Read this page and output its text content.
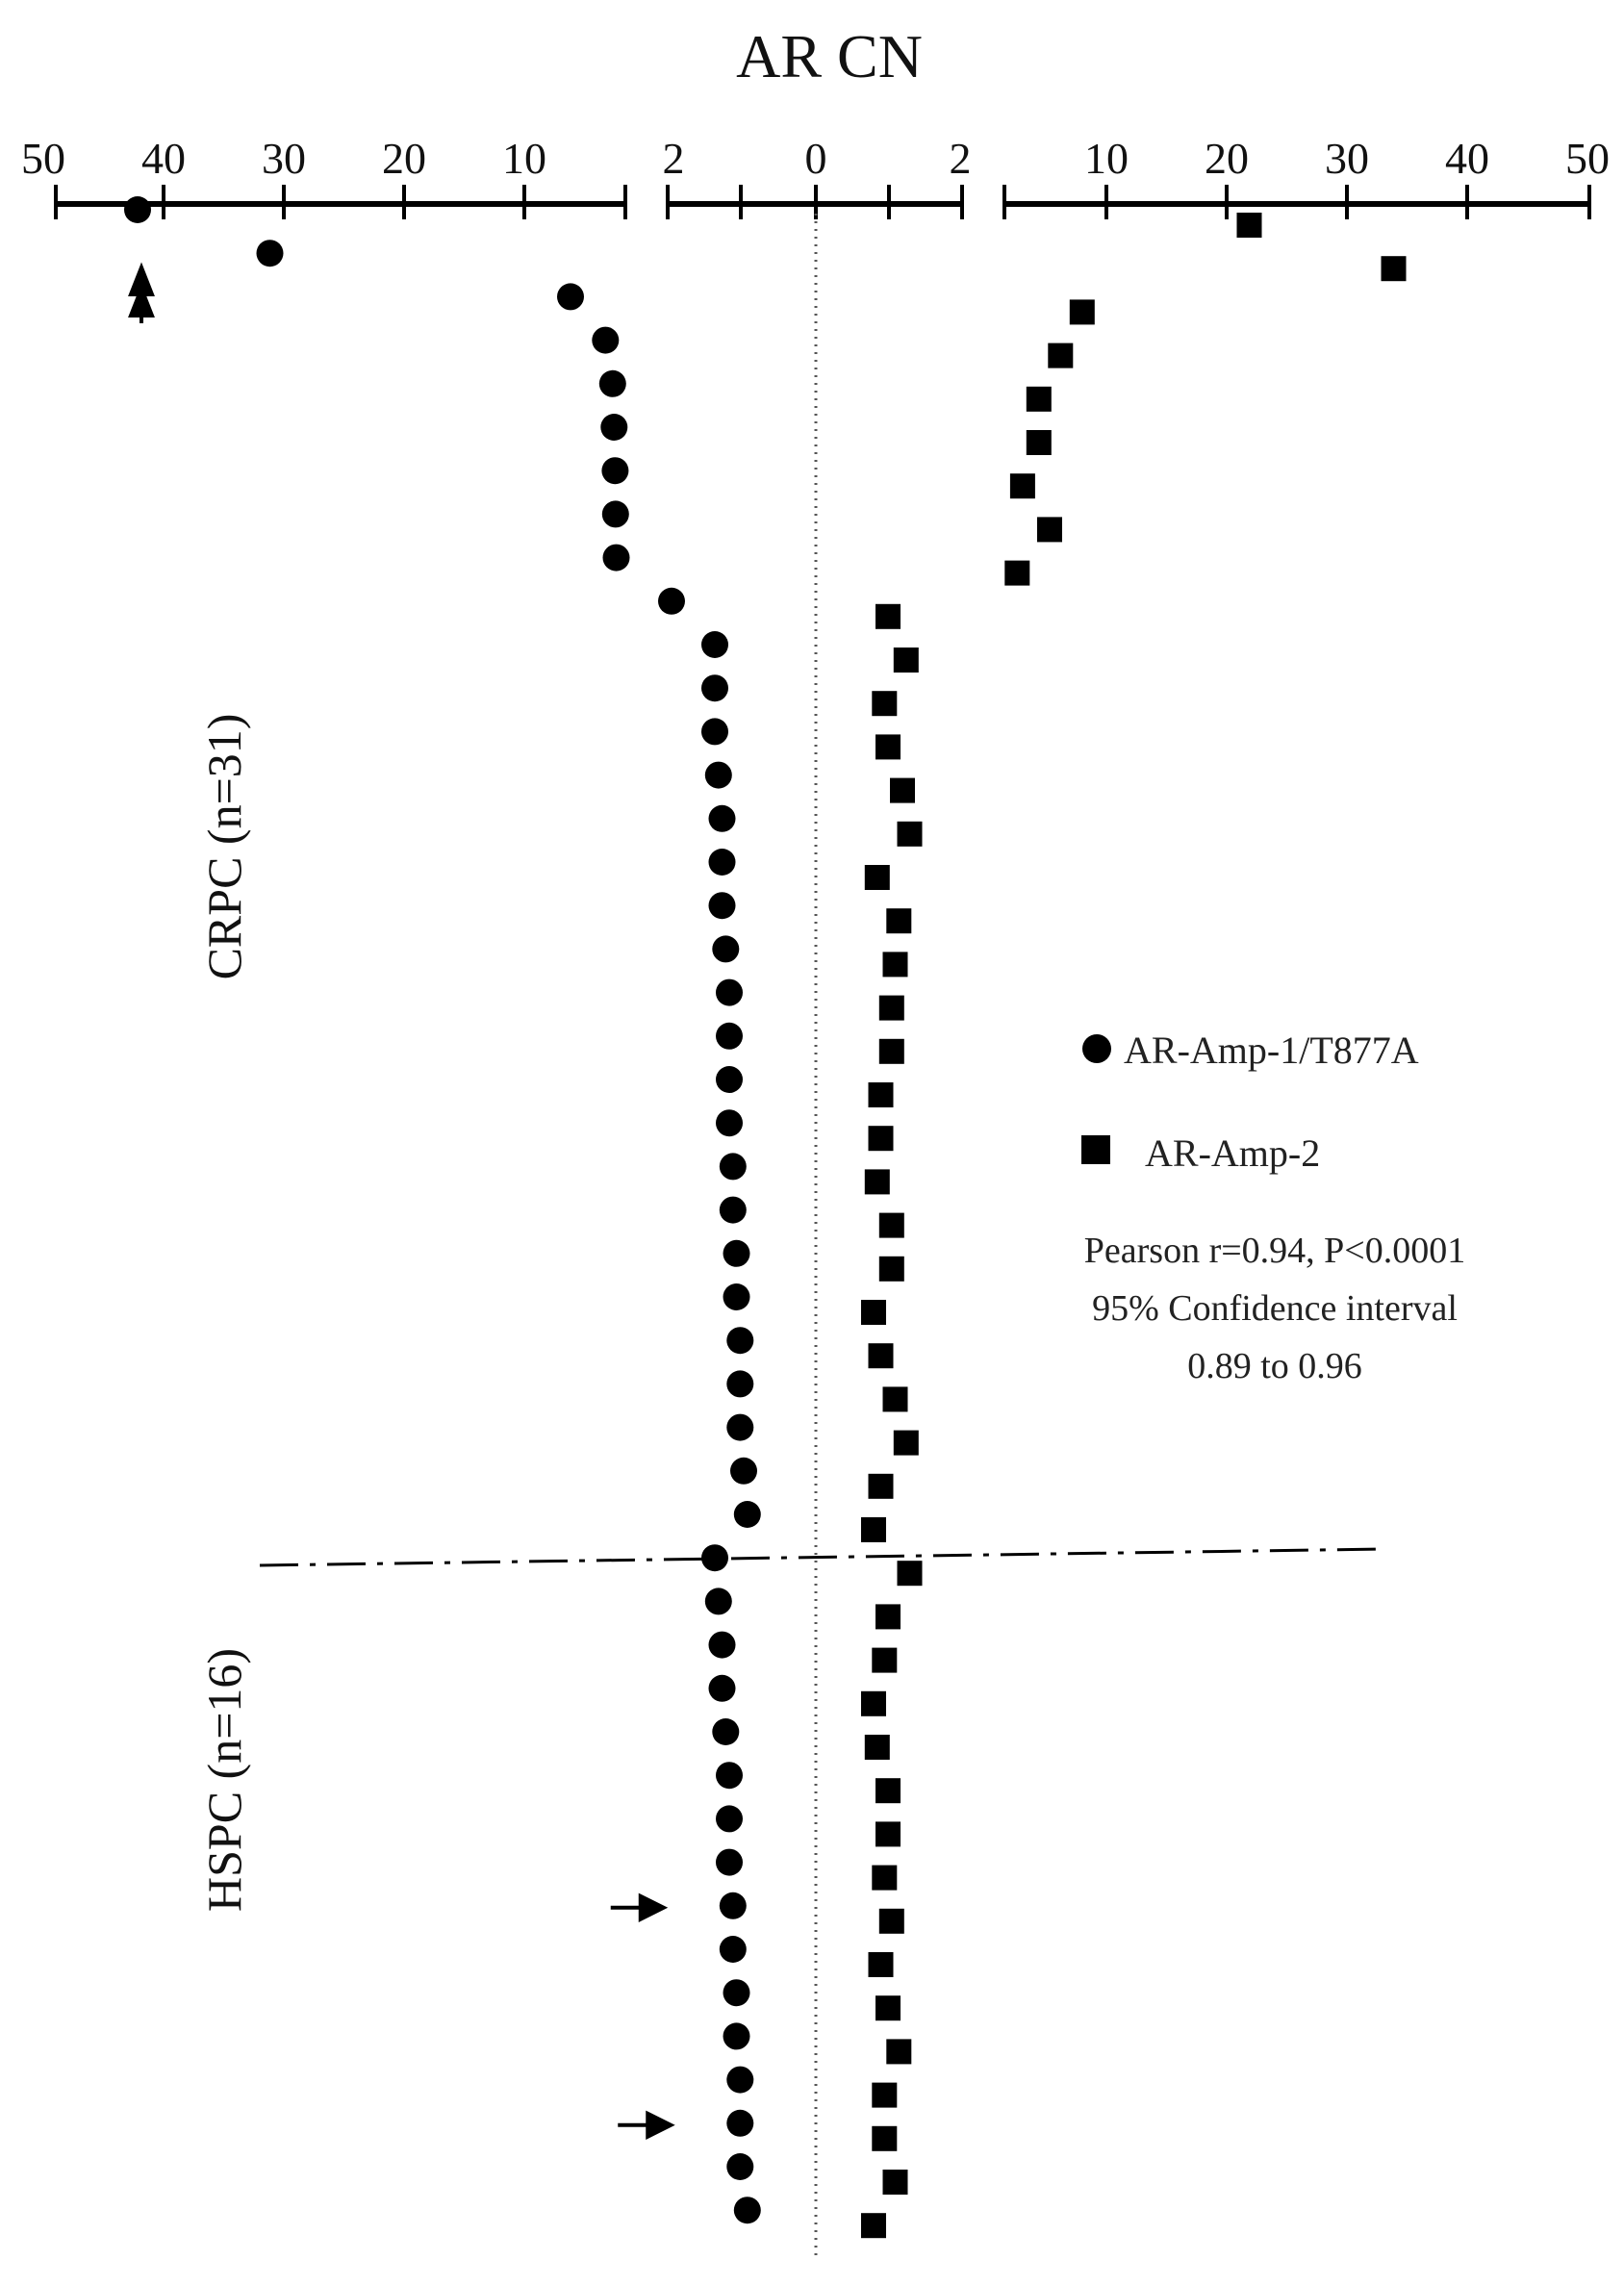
AR CN
50 40 30 20 10	2	0	2	10 20 30 40 50
CRPC (n=31)
HSPC (n=16)
AR-Amp-1/T877A
AR-Amp-2
Pearson r=0.94, P<0.0001
95% Confidence interval
0.89 to 0.96
